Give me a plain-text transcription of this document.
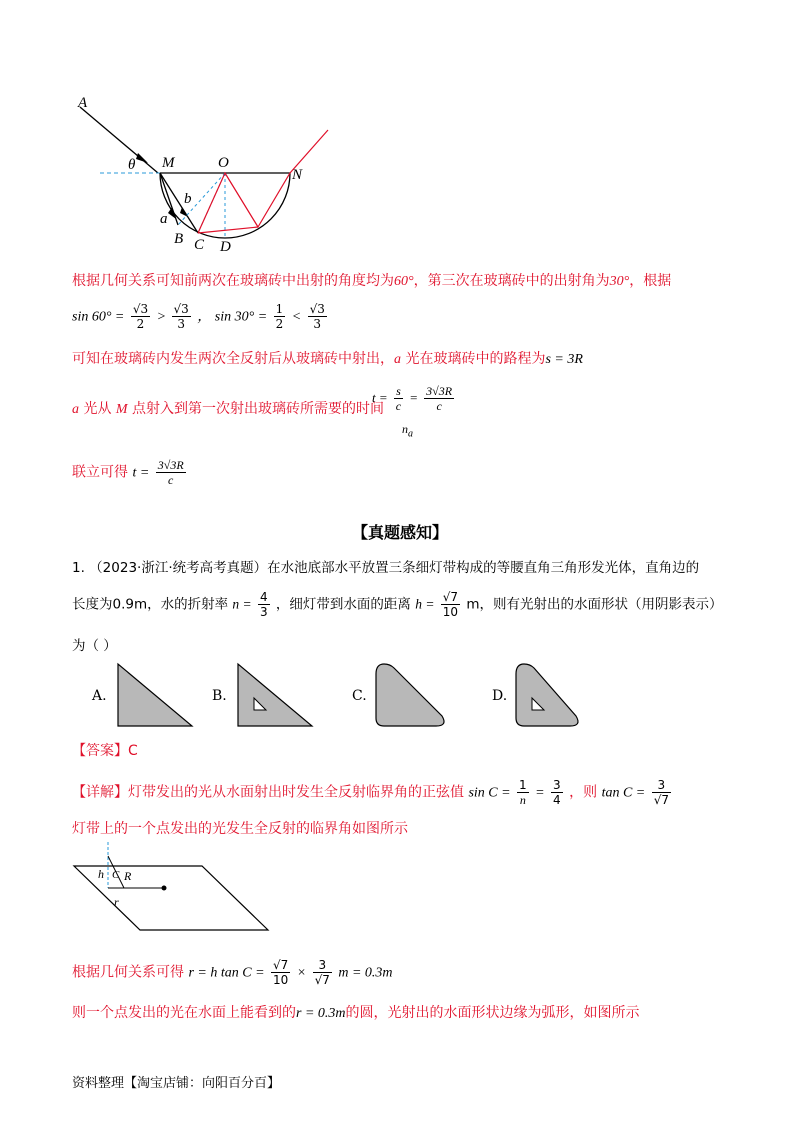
A
θ M	O
N
a
b
B C D
根据几何关系可知前两次在玻璃砖中出射的角度均为60°，第三次在玻璃砖中的出射角为30°，根据
$\sin 60^\circ = \frac{√3}{2} > \frac{√3}{3}$ ， $\sin 30^\circ = \frac{1}{2} < \frac{√3}{3}$
可知在玻璃砖内发生两次全反射后从玻璃砖中射出，a 光在玻璃砖中的路程为s = 3R
a 光从 M 点射入到第一次射出玻璃砖所需要的时间
$t = \frac{s}{c} = \frac{3√3R}{c}$
$n_a$
联立可得 $t = \frac{3√3R}{c}$
【真题感知】
1. （2023·浙江·统考高考真题）在水池底部水平放置三条细灯带构成的等腰直角三角形发光体，直角边的
长度为0.9m，水的折射率 $n = \frac{4}{3}$ ，细灯带到水面的距离 $h = \frac{√7}{10}$ m，则有光射出的水面形状（用阴影表示）
为（ ）
A.	B.	C.	D.
【答案】C
【详解】灯带发出的光从水面射出时发生全反射临界角的正弦值 $\sin C = \frac{1}{n} = \frac{3}{4}$ ，则 $\tan C = \frac{3}{√7}$
灯带上的一个点发出的光发生全反射的临界角如图所示
h C R
r
根据几何关系可得 r = h $\tan C = \frac{√7}{10} \times \frac{3}{√7}$ m = 0.3m
则一个点发出的光在水面上能看到的r = 0.3m的圆，光射出的水面形状边缘为弧形，如图所示
资料整理【淘宝店铺：向阳百分百】
